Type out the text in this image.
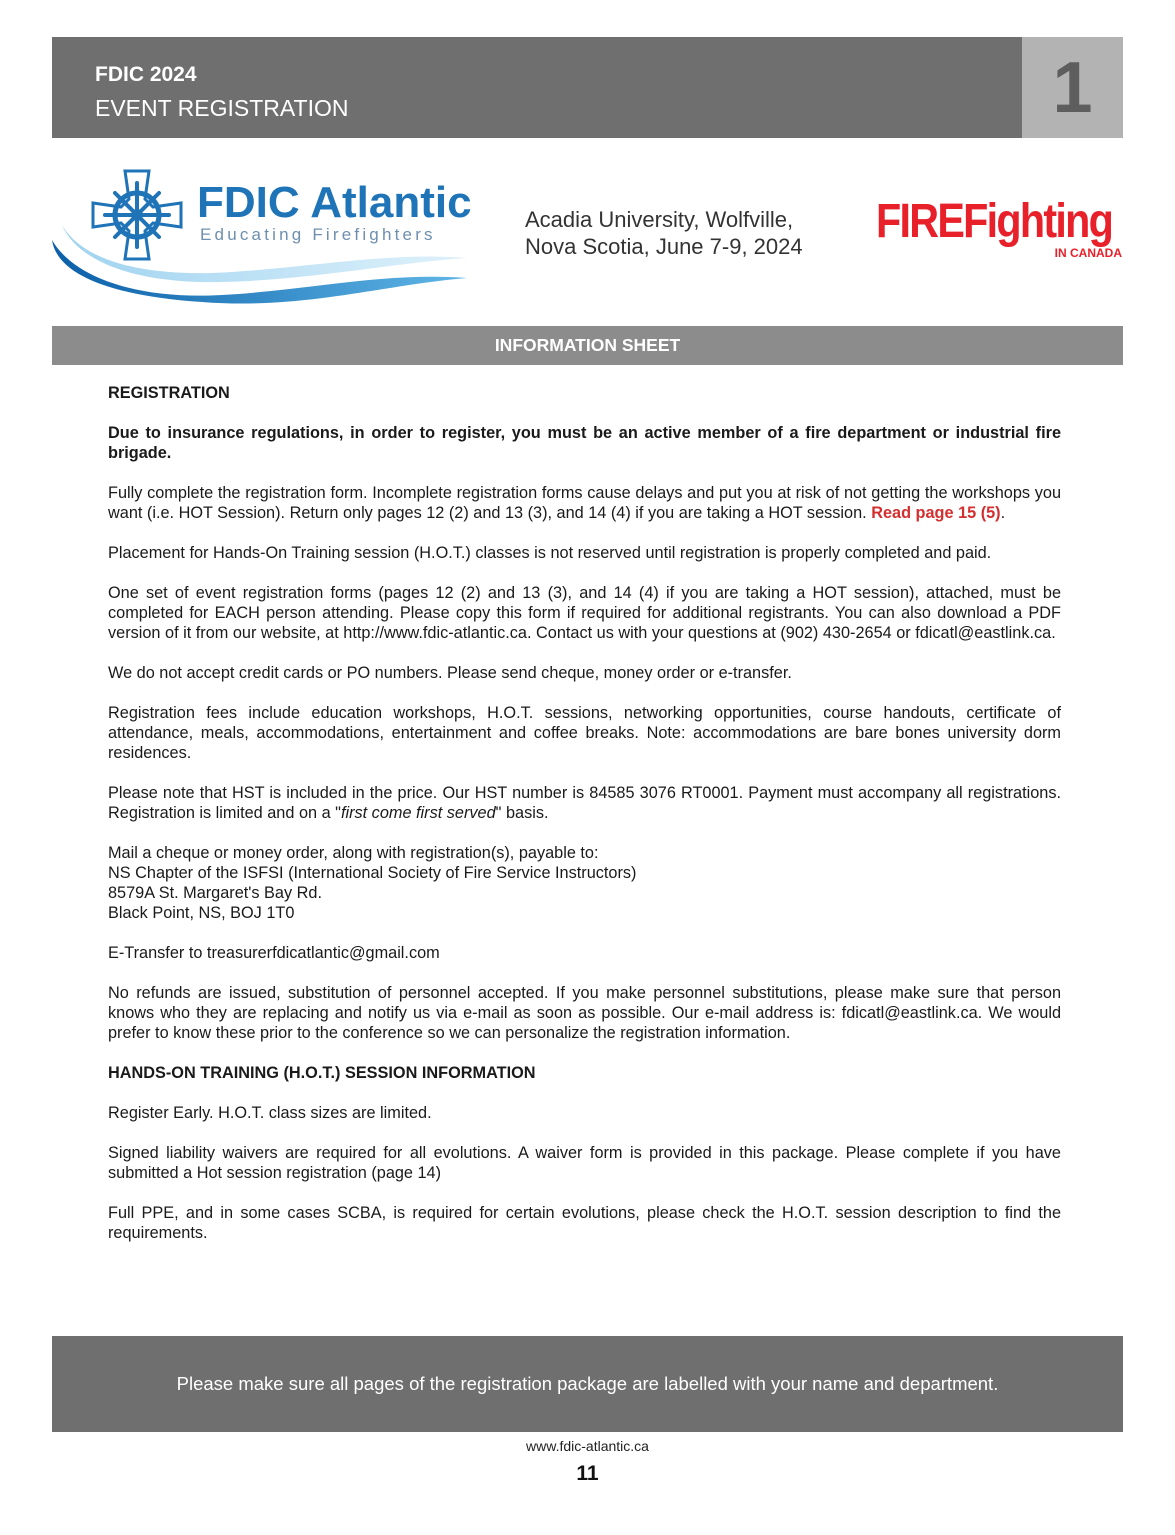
FDIC 2024
EVENT REGISTRATION	1
FDIC Atlantic
Educating Firefighters
Acadia University, Wolfville,
Nova Scotia, June 7-9, 2024 FIREFighting
IN CANADA
INFORMATION SHEET
REGISTRATION

Due to insurance regulations, in order to register, you must be an active member of a fire department or industrial fire brigade.

Fully complete the registration form. Incomplete registration forms cause delays and put you at risk of not getting the workshops you want (i.e. HOT Session). Return only pages 12 (2) and 13 (3), and 14 (4) if you are taking a HOT session. Read page 15 (5).

Placement for Hands-On Training session (H.O.T.) classes is not reserved until registration is properly completed and paid.

One set of event registration forms (pages 12 (2) and 13 (3), and 14 (4) if you are taking a HOT session), attached, must be completed for EACH person attending. Please copy this form if required for additional registrants. You can also download a PDF version of it from our website, at http://www.fdic-atlantic.ca. Contact us with your questions at (902) 430-2654 or fdicatl@eastlink.ca.

We do not accept credit cards or PO numbers. Please send cheque, money order or e-transfer.

Registration fees include education workshops, H.O.T. sessions, networking opportunities, course handouts, certificate of attendance, meals, accommodations, entertainment and coffee breaks. Note: accommodations are bare bones university dorm residences.

Please note that HST is included in the price. Our HST number is 84585 3076 RT0001. Payment must accompany all registrations. Registration is limited and on a "first come first served" basis.

Mail a cheque or money order, along with registration(s), payable to:
NS Chapter of the ISFSI (International Society of Fire Service Instructors)
8579A St. Margaret's Bay Rd.
Black Point, NS, BOJ 1T0

E-Transfer to treasurerfdicatlantic@gmail.com

No refunds are issued, substitution of personnel accepted. If you make personnel substitutions, please make sure that person knows who they are replacing and notify us via e-mail as soon as possible. Our e-mail address is: fdicatl@eastlink.ca. We would prefer to know these prior to the conference so we can personalize the registration information.

HANDS-ON TRAINING (H.O.T.) SESSION INFORMATION

Register Early. H.O.T. class sizes are limited.

Signed liability waivers are required for all evolutions. A waiver form is provided in this package. Please complete if you have submitted a Hot session registration (page 14)

Full PPE, and in some cases SCBA, is required for certain evolutions, please check the H.O.T. session description to find the requirements.

Please make sure all pages of the registration package are labelled with your name and department.
www.fdic-atlantic.ca
11
